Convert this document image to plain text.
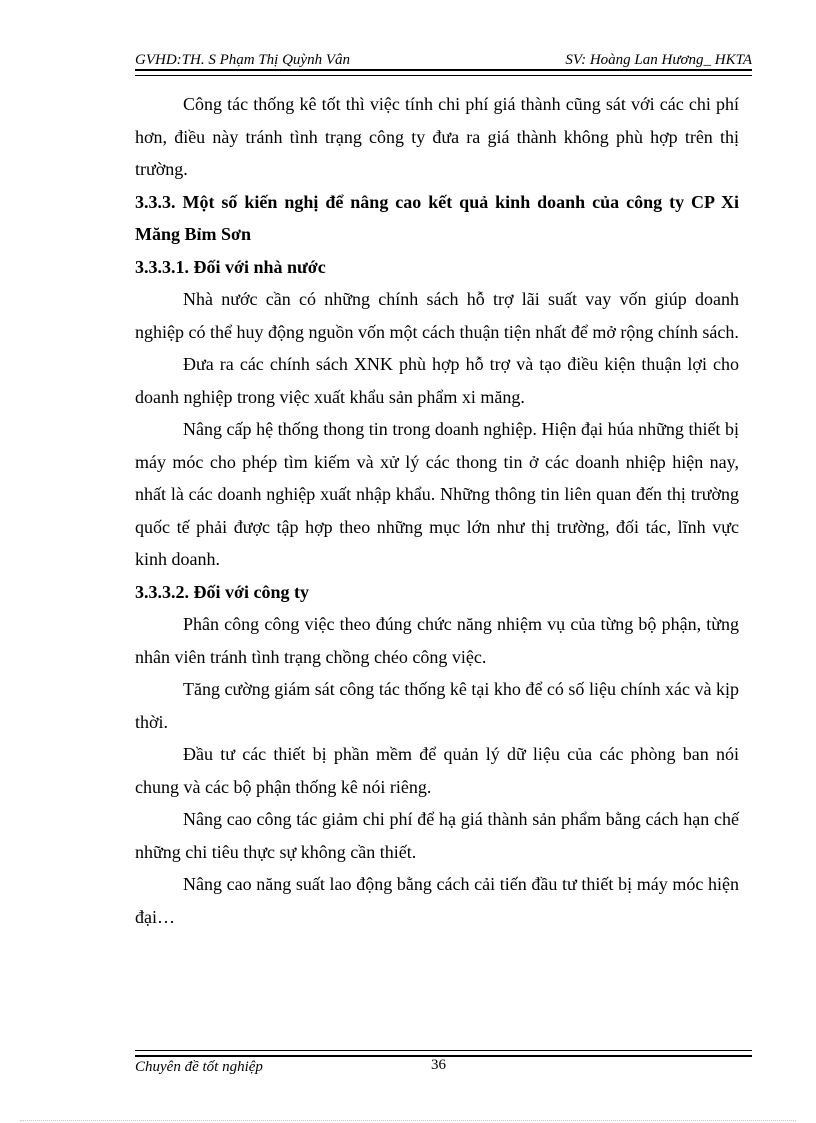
GVHD:TH. S Phạm Thị Quỳnh Vân	SV: Hoàng Lan Hương_ HKTA

Công tác thống kê tốt thì việc tính chi phí giá thành cũng sát với các chi phí hơn, điều này tránh tình trạng công ty đưa ra giá thành không phù hợp trên thị trường.

3.3.3. Một số kiến nghị để nâng cao kết quả kinh doanh của công ty CP Xi Măng Bỉm Sơn

3.3.3.1. Đối với nhà nước

Nhà nước cần có những chính sách hỗ trợ lãi suất vay vốn giúp doanh nghiệp có thể huy động nguồn vốn một cách thuận tiện nhất để mở rộng chính sách.

Đưa ra các chính sách XNK phù hợp hỗ trợ và tạo điều kiện thuận lợi cho doanh nghiệp trong việc xuất khẩu sản phẩm xi măng.

Nâng cấp hệ thống thong tin trong doanh nghiệp. Hiện đại húa những thiết bị máy móc cho phép tìm kiếm và xử lý các thong tin ở các doanh nhiệp hiện nay, nhất là các doanh nghiệp xuất nhập khẩu. Những thông tin liên quan đến thị trường quốc tế phải được tập hợp theo những mục lớn như thị trường, đối tác, lĩnh vực kinh doanh.

3.3.3.2. Đối với công ty

Phân công công việc theo đúng chức năng nhiệm vụ của từng bộ phận, từng nhân viên tránh tình trạng chồng chéo công việc.

Tăng cường giám sát công tác thống kê tại kho để có số liệu chính xác và kịp thời.

Đầu tư các thiết bị phần mềm để quản lý dữ liệu của các phòng ban nói chung và các bộ phận thống kê nói riêng.

Nâng cao công tác giảm chi phí để hạ giá thành sản phẩm bằng cách hạn chế những chi tiêu thực sự không cần thiết.

Nâng cao năng suất lao động bằng cách cải tiến đầu tư thiết bị máy móc hiện đại…

Chuyên đề tốt nghiệp	36
